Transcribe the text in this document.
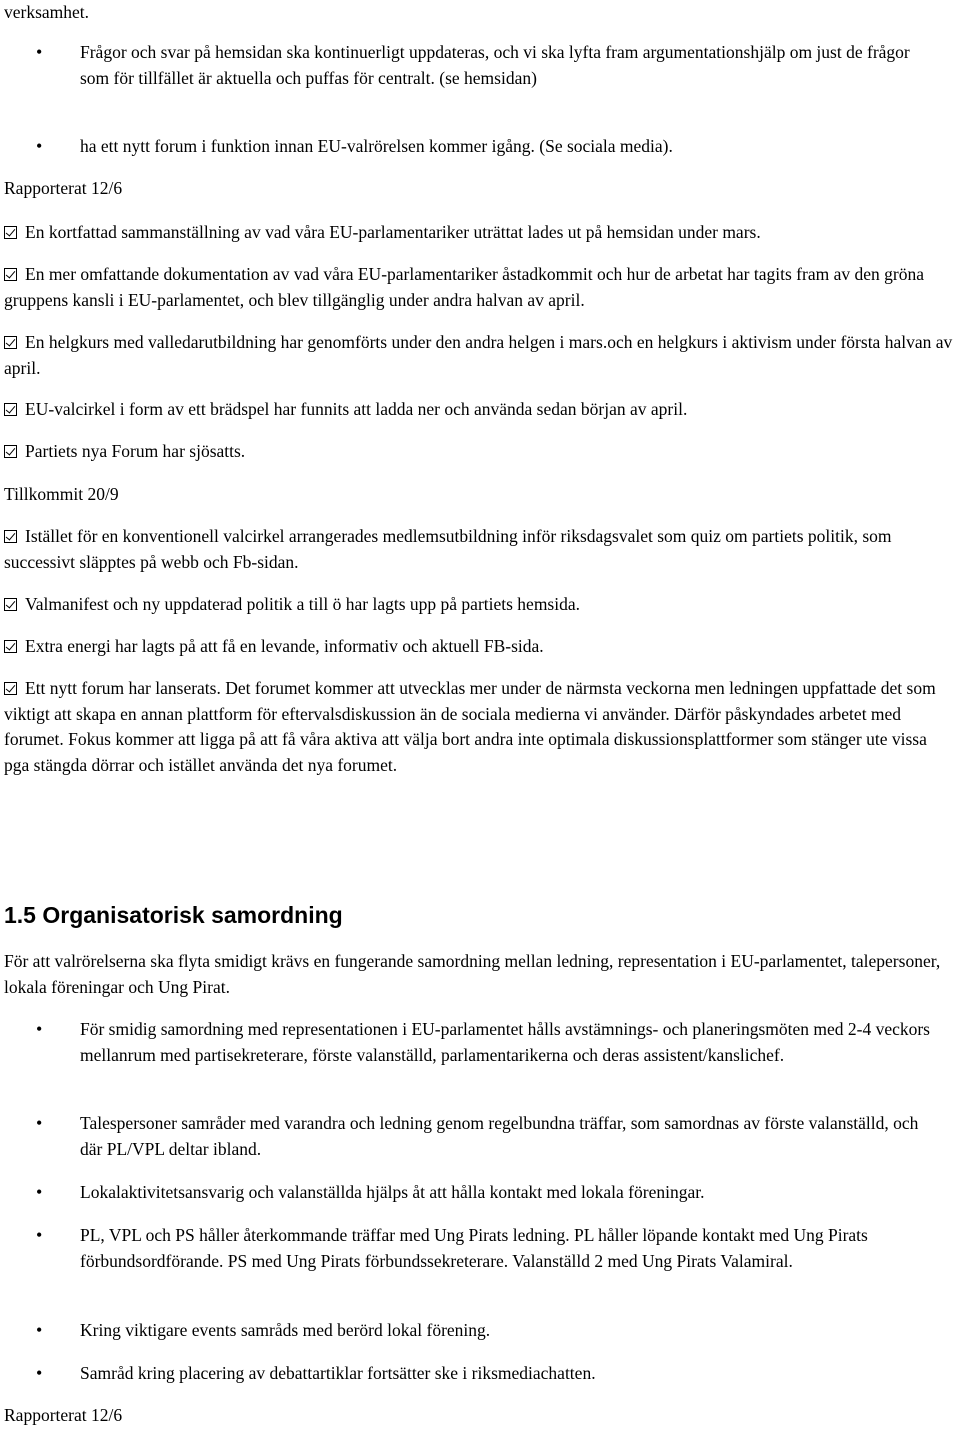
verksamhet.

• Frågor och svar på hemsidan ska kontinuerligt uppdateras, och vi ska lyfta fram argumentationshjälp om just de frågor som för tillfället är aktuella och puffas för centralt. (se hemsidan)
• ha ett nytt forum i funktion innan EU-valrörelsen kommer igång. (Se sociala media).

Rapporterat 12/6

En kortfattad sammanställning av vad våra EU-parlamentariker uträttat lades ut på hemsidan under mars.

En mer omfattande dokumentation av vad våra EU-parlamentariker åstadkommit och hur de arbetat har tagits fram av den gröna gruppens kansli i EU-parlamentet, och blev tillgänglig under andra halvan av april.

En helgkurs med valledarutbildning har genomförts under den andra helgen i mars.och en helgkurs i aktivism under första halvan av april.

EU-valcirkel i form av ett brädspel har funnits att ladda ner och använda sedan början av april.

Partiets nya Forum har sjösatts.

Tillkommit 20/9

Istället för en konventionell valcirkel arrangerades medlemsutbildning inför riksdagsvalet som quiz om partiets politik, som successivt släpptes på webb och Fb-sidan.

Valmanifest och ny uppdaterad politik a till ö har lagts upp på partiets hemsida.

Extra energi har lagts på att få en levande, informativ och aktuell FB-sida.

Ett nytt forum har lanserats. Det forumet kommer att utvecklas mer under de närmsta veckorna men ledningen uppfattade det som viktigt att skapa en annan plattform för eftervalsdiskussion än de sociala medierna vi använder. Därför påskyndades arbetet med forumet. Fokus kommer att ligga på att få våra aktiva att välja bort andra inte optimala diskussionsplattformer som stänger ute vissa pga stängda dörrar och istället använda det nya forumet.

1.5 Organisatorisk samordning

För att valrörelserna ska flyta smidigt krävs en fungerande samordning mellan ledning, representation i EU-parlamentet, talepersoner, lokala föreningar och Ung Pirat.

• För smidig samordning med representationen i EU-parlamentet hålls avstämnings- och planeringsmöten med 2-4 veckors mellanrum med partisekreterare, förste valanställd, parlamentarikerna och deras assistent/kanslichef.
• Talespersoner samråder med varandra och ledning genom regelbundna träffar, som samordnas av förste valanställd, och där PL/VPL deltar ibland.
• Lokalaktivitetsansvarig och valanställda hjälps åt att hålla kontakt med lokala föreningar.
• PL, VPL och PS håller återkommande träffar med Ung Pirats ledning. PL håller löpande kontakt med Ung Pirats förbundsordförande. PS med Ung Pirats förbundssekreterare. Valanställd 2 med Ung Pirats Valamiral.
• Kring viktigare events samråds med berörd lokal förening.
• Samråd kring placering av debattartiklar fortsätter ske i riksmediachatten.

Rapporterat 12/6
